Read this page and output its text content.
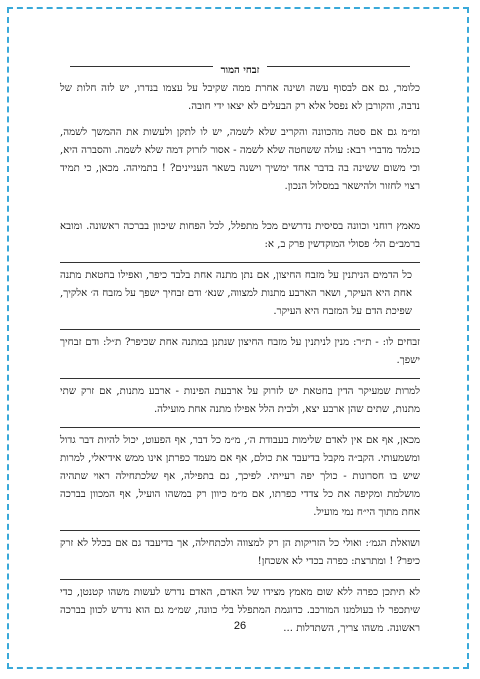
זבחי המור

כלומר, גם אם לבסוף עשה ושינה אחרת ממה שקיבל על עצמו בנדרו, יש לזה חלות של נדבה, והקורבן לא נפסל אלא רק הבעלים לא יצאו ידי חובה.

ומ״מ גם אם סטה מהכוונה והקריב שלא לשמה, יש לו לתקן ולעשות את ההמשך לשמה, כנלמד מדברי רבא: עולה ששחטה שלא לשמה - אסור לזרוק דמה שלא לשמה. והסברה היא, וכי משום ששינה בה בדבר אחד ימשיך וישנה בשאר העניינים? ! בתמיהה. מכאן, כי תמיד רצוי לחזור ולהישאר במסלול הנכון.

מאמץ רוחני וכוונה בסיסית נדרשים מכל מתפלל, לכל הפחות שיכוון בברכה ראשונה. ומובא ברמב״ם הל׳ פסולי המוקדשין פרק ב, א:

כל הדמים הניתנין על מזבח החיצון, אם נתן מתנה אחת בלבד כיפר, ואפילו בחטאת מתנה אחת היא העיקר, ושאר הארבע מתנות למצווה, שנא׳ ודם זבחיך ישפך על מזבח ה׳ אלקיך, שפיכת הדם על המזבח היא העיקר.

זבחים לו: - ת״ר: מנין לניתנין על מזבח החיצון שנתנן במתנה אחת שכיפר? ת״ל: ודם זבחיך ישפך.

למרות שמעיקר הדין בחטאת יש לזרוק על ארבעת הפינות - ארבע מתנות, אם זרק שתי מתנות, שתים שהן ארבע יצא, ולבית הלל אפילו מתנה אחת מועילה.

מכאן, אף אם אין לאדם שלימות בעבודת ה׳, מ״מ כל דבר, אף הפעוט, יכול להיות דבר גדול ומשמעותי. הקב״ה מקבל בדיעבד את כולם, אף אם מעמד כפרתן אינו ממש אידיאלי, למרות שיש בו חסרונות - כולך יפה רעייתי. לפיכך, גם בתפילה, אף שלכתחילה ראוי שתהיה מושלמת ומקיפה את כל צדדי כפרתו, אם מ״מ כיוון רק במשהו הועיל, אף המכוון בברכה אחת מתוך הי״ח נמי מועיל.

ושואלת הגמ׳: ואולי כל הזריקות הן רק למצווה ולכתחילה, אך בדיעבד גם אם בכלל לא זרק כיפר? ! ומתרצת: כפרה בכדי לא אשכחן!

לא תיתכן כפרה ללא שום מאמץ מצידו של האדם, האדם נדרש לעשות משהו קטנטן, כדי שיתכפר לו בעולמנו המורכב. כדוגמת המתפלל בלי כוונה, שמ״מ גם הוא נדרש לכוון בברכה ראשונה. משהו צריך, השתדלות ...

26
